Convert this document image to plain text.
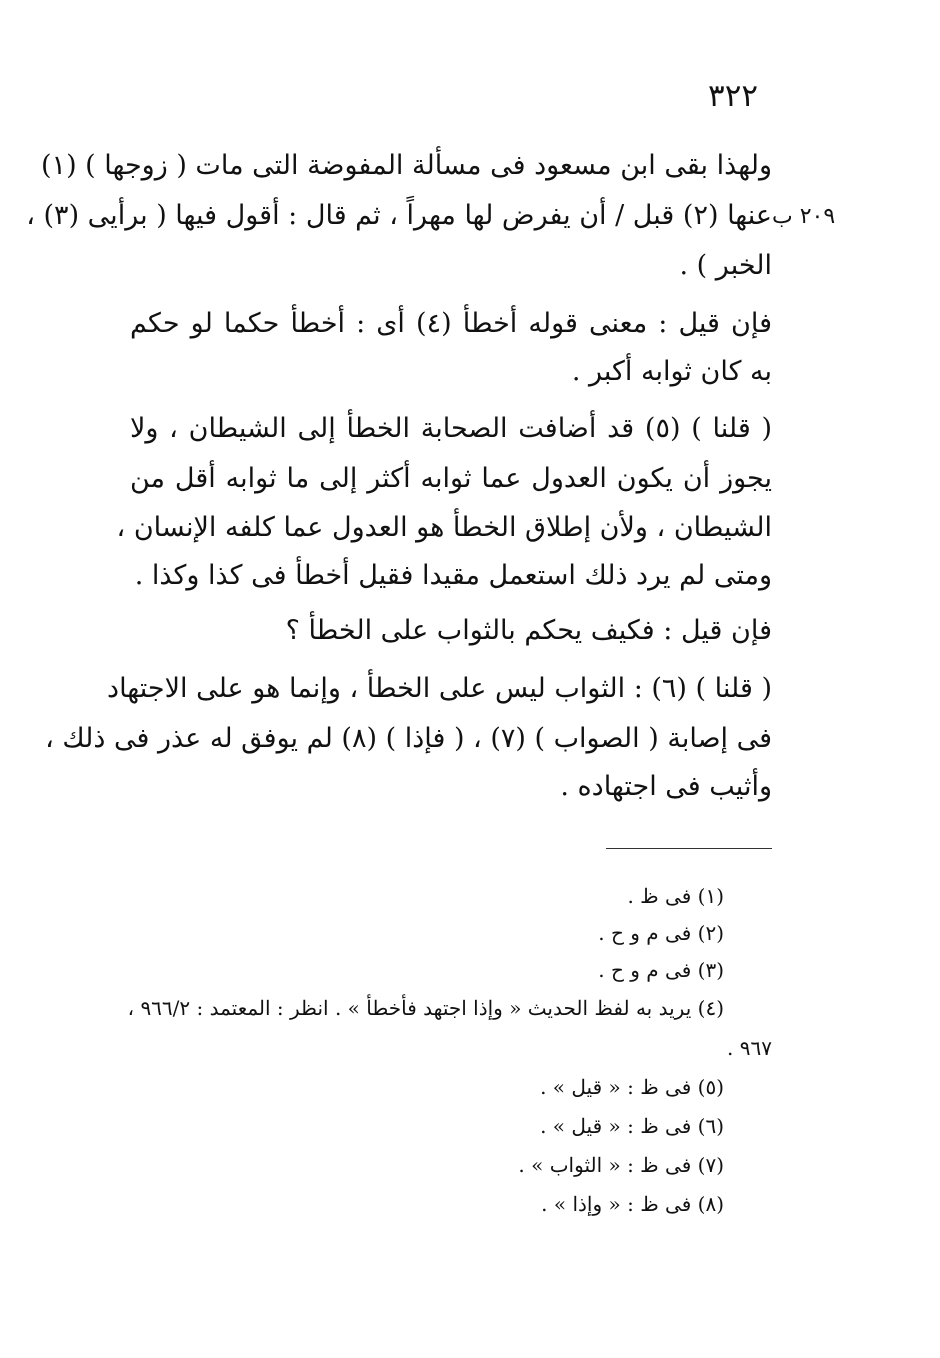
٣٢٢
٢٠٩ ب
ولهذا بقى ابن مسعود فى مسألة المفوضة التى مات ( زوجها ) (١)
عنها (٢) قبل / أن يفرض لها مهراً ، ثم قال : أقول فيها ( برأيى (٣) ،
الخبر ) .
فإن قيل : معنى قوله أخطأ (٤) أى : أخطأ حكما لو حكم
به كان ثوابه أكبر .
( قلنا ) (٥) قد أضافت الصحابة الخطأ إلى الشيطان ، ولا
يجوز أن يكون العدول عما ثوابه أكثر إلى ما ثوابه أقل من
الشيطان ، ولأن إطلاق الخطأ هو العدول عما كلفه الإنسان ،
ومتى لم يرد ذلك استعمل مقيدا فقيل أخطأ فى كذا وكذا .
فإن قيل : فكيف يحكم بالثواب على الخطأ ؟
( قلنا ) (٦) : الثواب ليس على الخطأ ، وإنما هو على الاجتهاد
فى إصابة ( الصواب ) (٧) ، ( فإذا ) (٨) لم يوفق له عذر فى ذلك ،
وأثيب فى اجتهاده .
(١) فى ظ .
(٢) فى م و ح .
(٣) فى م و ح .
(٤) يريد به لفظ الحديث « وإذا اجتهد فأخطأ » . انظر : المعتمد : ٩٦٦/٢ ،
٩٦٧ .
(٥) فى ظ : « قيل » .
(٦) فى ظ : « قيل » .
(٧) فى ظ : « الثواب » .
(٨) فى ظ : « وإذا » .
